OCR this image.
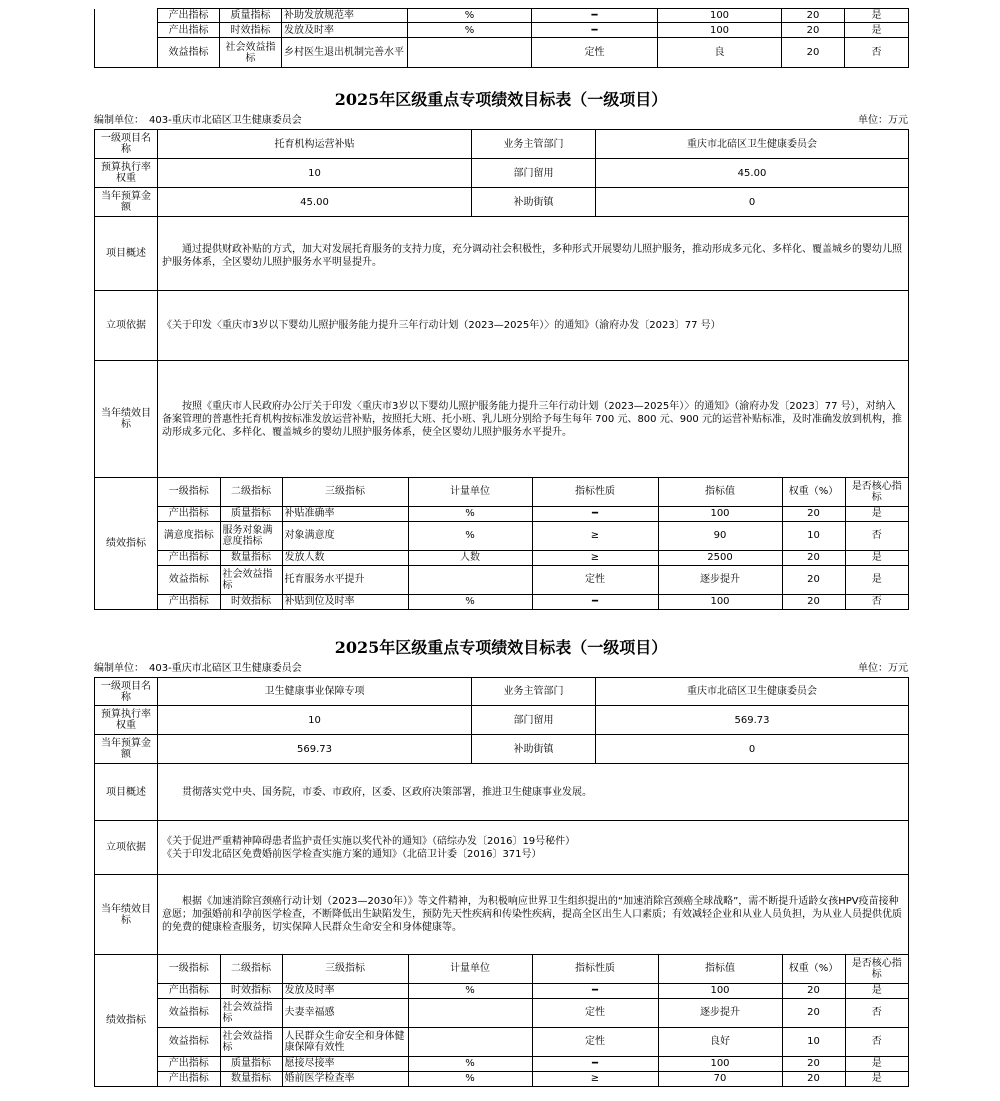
	产出指标	质量指标	补助发放规范率	%	━	100	20	是
	产出指标	时效指标	发放及时率	%	━	100	20	是
	效益指标	社会效益指标	乡村医生退出机制完善水平		定性	良	20	否
2025年区级重点专项绩效目标表（一级项目）
编制单位：　403-重庆市北碚区卫生健康委员会	单位：万元
一级项目名称	托育机构运营补贴	业务主管部门	重庆市北碚区卫生健康委员会
预算执行率权重	10	部门留用	45.00
当年预算金额	45.00	补助街镇	0
项目概述	　　通过提供财政补贴的方式，加大对发展托育服务的支持力度，充分调动社会积极性，多种形式开展婴幼儿照护服务，推动形成多元化、多样化、覆盖城乡的婴幼儿照护服务体系，全区婴幼儿照护服务水平明显提升。
立项依据	《关于印发〈重庆市3岁以下婴幼儿照护服务能力提升三年行动计划（2023—2025年）〉的通知》（渝府办发〔2023〕77 号）
当年绩效目标	　　按照《重庆市人民政府办公厅关于印发〈重庆市3岁以下婴幼儿照护服务能力提升三年行动计划（2023—2025年）〉的通知》（渝府办发〔2023〕77 号），对纳入备案管理的普惠性托育机构按标准发放运营补贴，按照托大班、托小班、乳儿班分别给予每生每年 700 元、800 元、900 元的运营补贴标准，及时准确发放到机构，推动形成多元化、多样化、覆盖城乡的婴幼儿照护服务体系，使全区婴幼儿照护服务水平提升。
绩效指标	
一级指标	二级指标	三级指标	计量单位	指标性质	指标值	权重（%）	是否核心指标
产出指标	质量指标	补贴准确率	%	━	100	20	是
满意度指标	服务对象满意度指标	对象满意度	%	≥	90	10	否
产出指标	数量指标	发放人数	人数	≥	2500	20	是
效益指标	社会效益指标	托育服务水平提升		定性	逐步提升	20	是
产出指标	时效指标	补贴到位及时率	%	━	100	20	否
2025年区级重点专项绩效目标表（一级项目）
编制单位：　403-重庆市北碚区卫生健康委员会	单位：万元
一级项目名称	卫生健康事业保障专项	业务主管部门	重庆市北碚区卫生健康委员会
预算执行率权重	10	部门留用	569.73
当年预算金额	569.73	补助街镇	0
项目概述	　　贯彻落实党中央、国务院，市委、市政府，区委、区政府决策部署，推进卫生健康事业发展。
立项依据	《关于促进严重精神障碍患者监护责任实施以奖代补的通知》（碚综办发〔2016〕19号秘件）
《关于印发北碚区免费婚前医学检查实施方案的通知》（北碚卫计委〔2016〕371号）
当年绩效目标	　　根据《加速消除宫颈癌行动计划（2023—2030年）》等文件精神，为积极响应世界卫生组织提出的“加速消除宫颈癌全球战略”，需不断提升适龄女孩HPV疫苗接种意愿；加强婚前和孕前医学检查，不断降低出生缺陷发生，预防先天性疾病和传染性疾病，提高全区出生人口素质；有效减轻企业和从业人员负担，为从业人员提供优质的免费的健康检查服务，切实保障人民群众生命安全和身体健康等。
绩效指标	
一级指标	二级指标	三级指标	计量单位	指标性质	指标值	权重（%）	是否核心指标
产出指标	时效指标	发放及时率	%	━	100	20	是
效益指标	社会效益指标	夫妻幸福感		定性	逐步提升	20	否
效益指标	社会效益指标	人民群众生命安全和身体健康保障有效性		定性	良好	10	否
产出指标	质量指标	愿接尽接率	%	━	100	20	是
产出指标	数量指标	婚前医学检查率	%	≥	70	20	是
